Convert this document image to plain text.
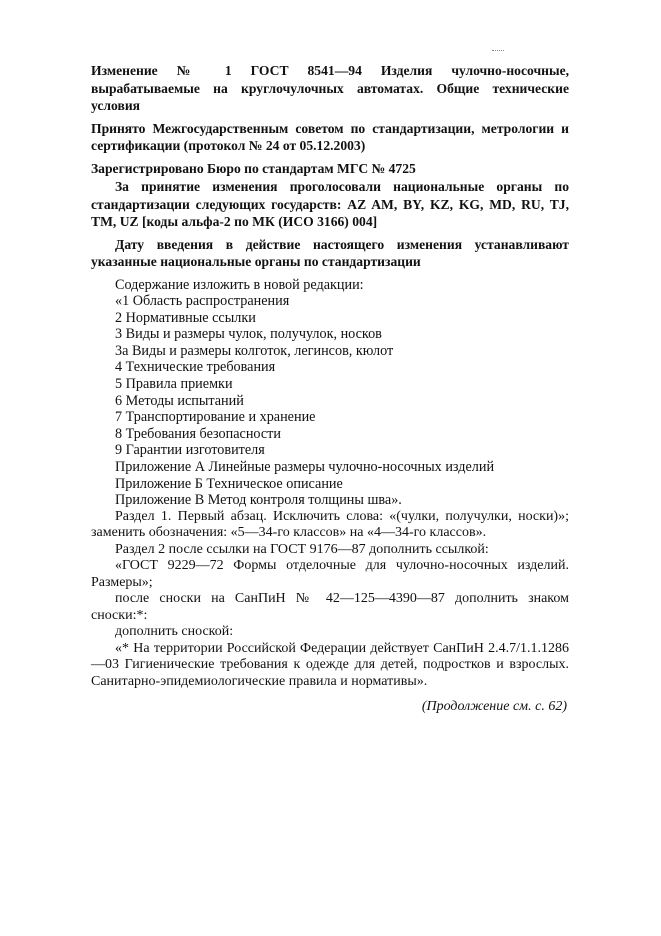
Изменение № 1 ГОСТ 8541—94 Изделия чулочно-носочные, вырабатываемые на круглочулочных автоматах. Общие технические условия

Принято Межгосударственным советом по стандартизации, метрологии и сертификации (протокол № 24 от 05.12.2003)

Зарегистрировано Бюро по стандартам МГС № 4725

За принятие изменения проголосовали национальные органы по стандартизации следующих государств: AZ AM, BY, KZ, KG, MD, RU, TJ, TM, UZ [коды альфа-2 по МК (ИСО 3166) 004]

Дату введения в действие настоящего изменения устанавливают указанные национальные органы по стандартизации

Содержание изложить в новой редакции:
«1 Область распространения
2 Нормативные ссылки
3 Виды и размеры чулок, получулок, носков
3а Виды и размеры колготок, легинсов, кюлот
4 Технические требования
5 Правила приемки
6 Методы испытаний
7 Транспортирование и хранение
8 Требования безопасности
9 Гарантии изготовителя
Приложение А Линейные размеры чулочно-носочных изделий
Приложение Б Техническое описание
Приложение В Метод контроля толщины шва».

Раздел 1. Первый абзац. Исключить слова: «(чулки, получулки, носки)»; заменить обозначения: «5—34-го классов» на «4—34-го классов».

Раздел 2 после ссылки на ГОСТ 9176—87 дополнить ссылкой:

«ГОСТ 9229—72 Формы отделочные для чулочно-носочных изделий. Размеры»;

после сноски на СанПиН № 42—125—4390—87 дополнить знаком сноски:*:

дополнить сноской:

«* На территории Российской Федерации действует СанПиН 2.4.7/1.1.1286—03 Гигиенические требования к одежде для детей, подростков и взрослых. Санитарно-эпидемиологические правила и нормативы».

(Продолжение см. с. 62)
